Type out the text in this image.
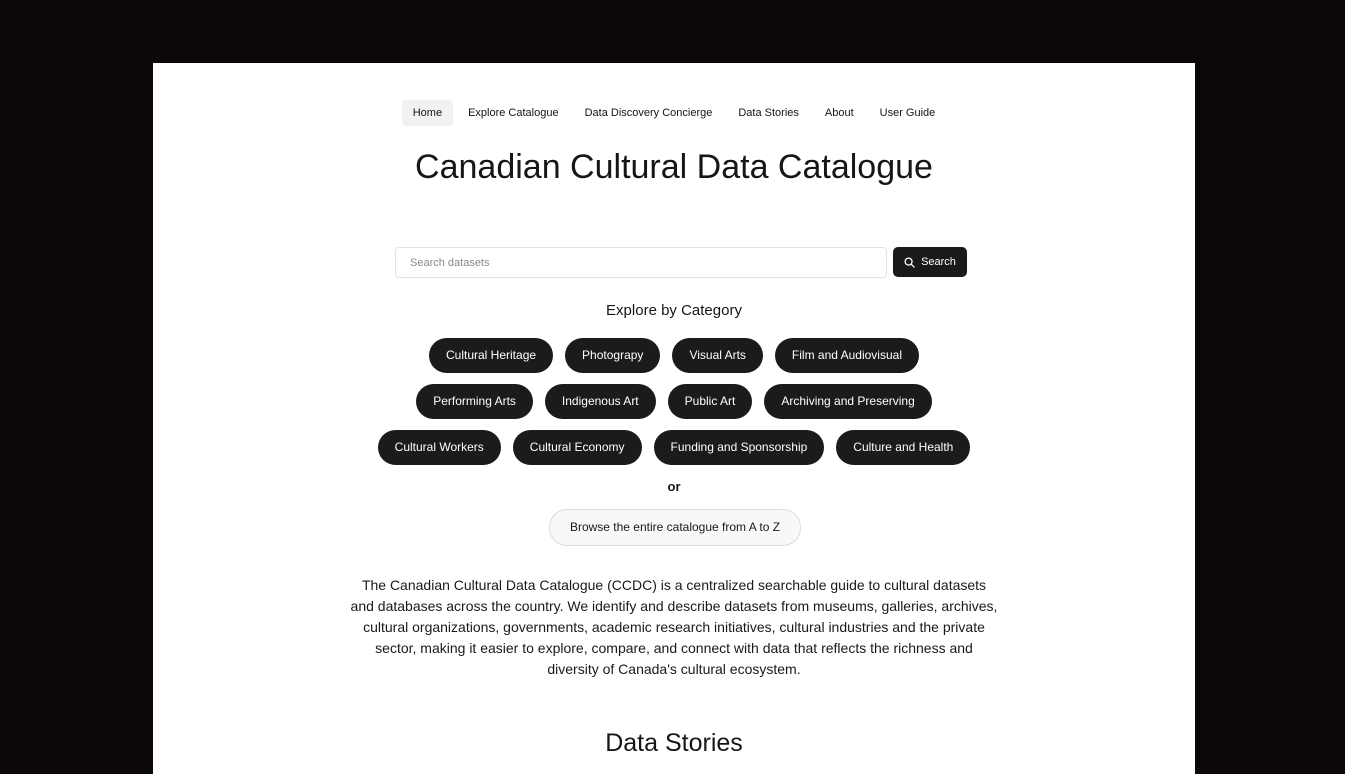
Home	Explore Catalogue	Data Discovery Concierge	Data Stories	About	User Guide
Canadian Cultural Data Catalogue
Search datasets
Search
Explore by Category
Cultural Heritage	Photograpy	Visual Arts	Film and Audiovisual
Performing Arts	Indigenous Art	Public Art	Archiving and Preserving
Cultural Workers	Cultural Economy	Funding and Sponsorship	Culture and Health
or
Browse the entire catalogue from A to Z

The Canadian Cultural Data Catalogue (CCDC) is a centralized searchable guide to cultural datasets and databases across the country. We identify and describe datasets from museums, galleries, archives, cultural organizations, governments, academic research initiatives, cultural industries and the private sector, making it easier to explore, compare, and connect with data that reflects the richness and diversity of Canada's cultural ecosystem.

Data Stories
